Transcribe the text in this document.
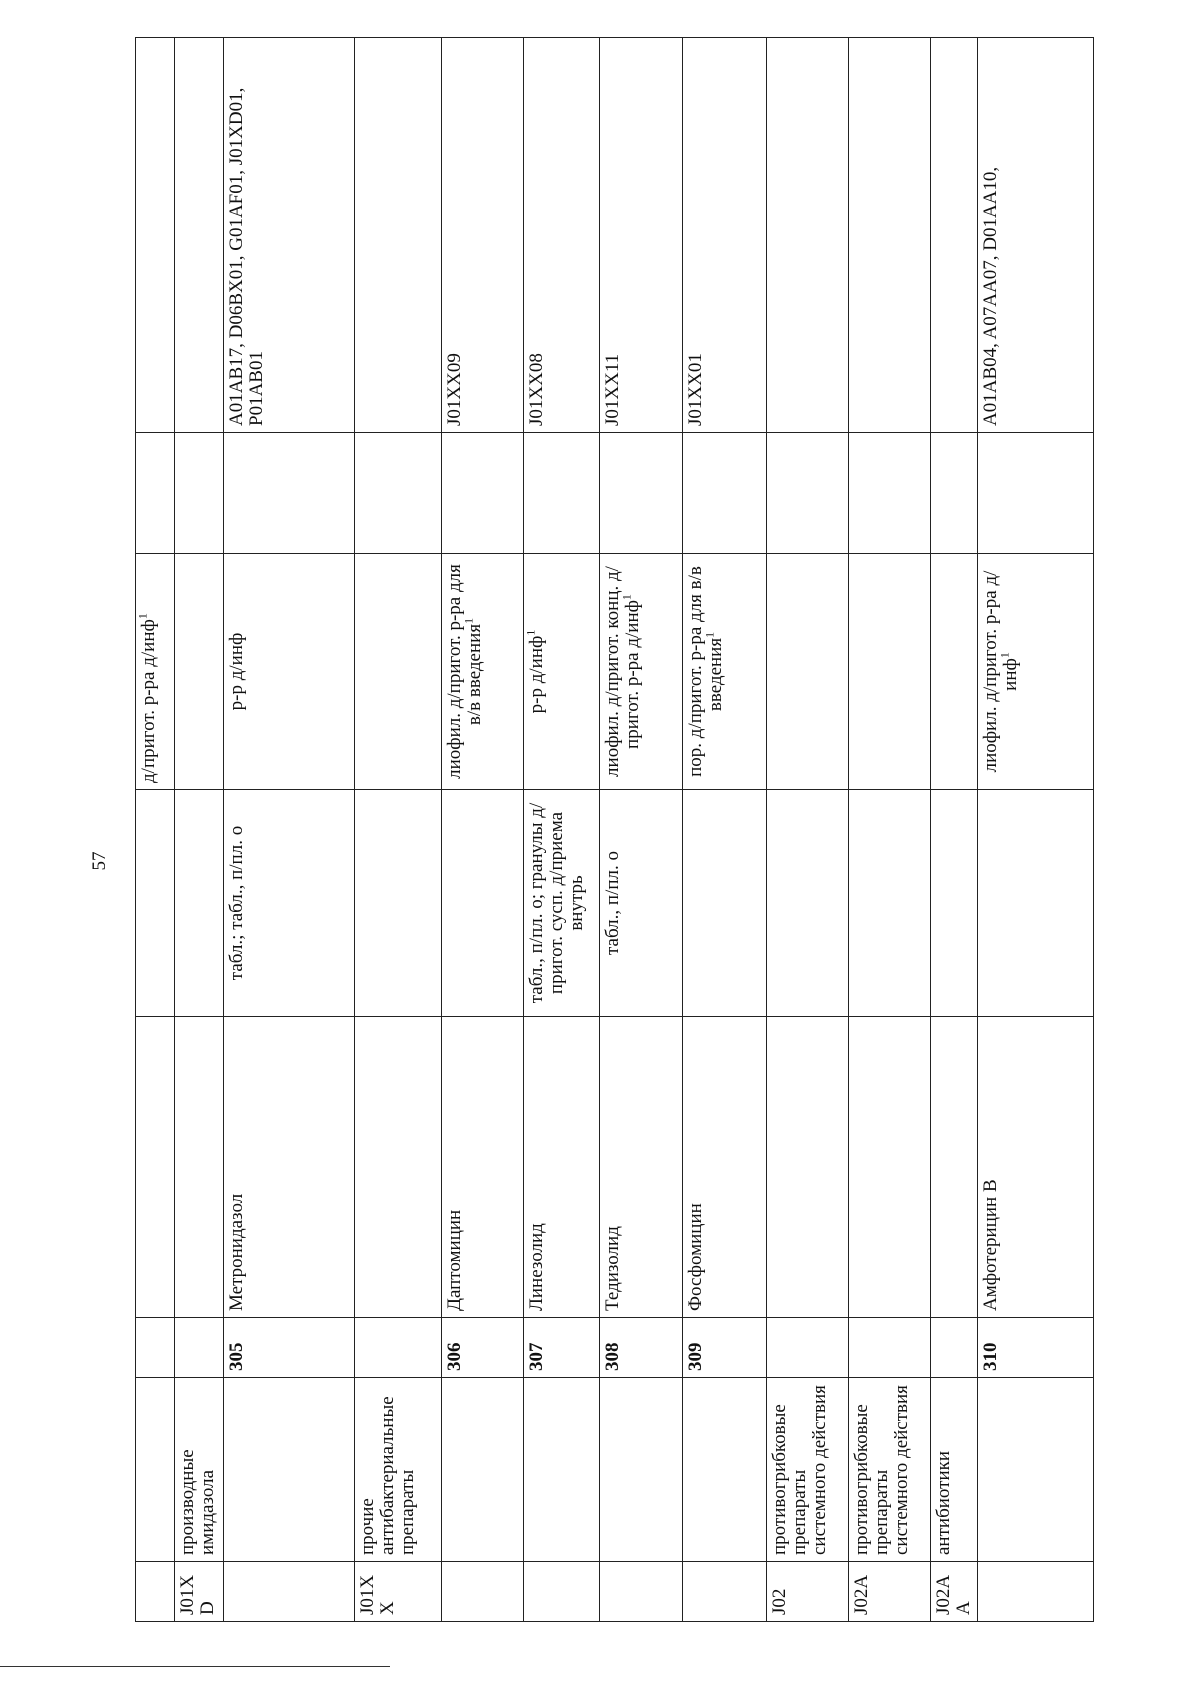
57
					д/пригот. р-ра д/инф$^1$		
J01XD	производные имидазола						
		305	Метронидазол	табл.; табл., п/пл. о	р-р д/инф		A01AB17, D06BX01, G01AF01, J01XD01, P01AB01
J01XX	прочие антибактериальные препараты						
		306	Даптомицин		лиофил. д/пригот. р-ра для в/в введения$^1$		J01XX09
		307	Линезолид	табл., п/пл. о; гранулы д/пригот. сусп. д/приема внутрь	р-р д/инф$^1$		J01XX08
		308	Тедизолид	табл., п/пл. о	лиофил. д/пригот. конц. д/пригот. р-ра д/инф$^1$		J01XX11
		309	Фосфомицин		пор. д/пригот. р-ра для в/в введения$^1$		J01XX01
J02	противогрибковые препараты системного действия						
J02A	противогрибковые препараты системного действия						
J02AA	антибиотики						
		310	Амфотерицин В		лиофил. д/пригот. р-ра д/инф$^1$		A01AB04, A07AA07, D01AA10,
